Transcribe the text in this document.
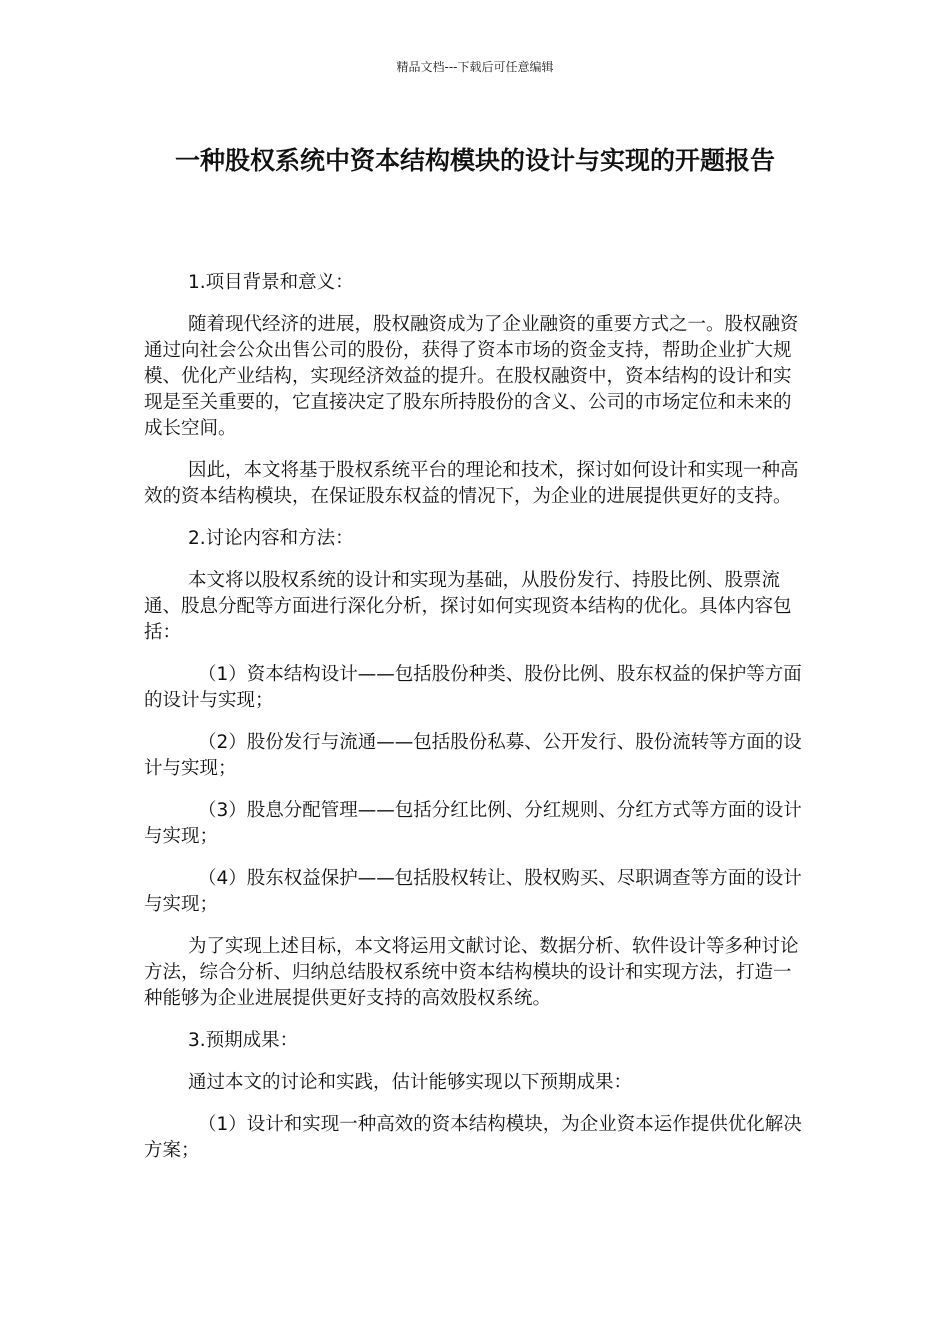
精品文档---下载后可任意编辑
一种股权系统中资本结构模块的设计与实现的开题报告

1.项目背景和意义：

随着现代经济的进展，股权融资成为了企业融资的重要方式之一。股权融资通过向社会公众出售公司的股份，获得了资本市场的资金支持，帮助企业扩大规模、优化产业结构，实现经济效益的提升。在股权融资中，资本结构的设计和实现是至关重要的，它直接决定了股东所持股份的含义、公司的市场定位和未来的成长空间。

因此，本文将基于股权系统平台的理论和技术，探讨如何设计和实现一种高效的资本结构模块，在保证股东权益的情况下，为企业的进展提供更好的支持。

2.讨论内容和方法：

本文将以股权系统的设计和实现为基础，从股份发行、持股比例、股票流通、股息分配等方面进行深化分析，探讨如何实现资本结构的优化。具体内容包括：

（1）资本结构设计——包括股份种类、股份比例、股东权益的保护等方面的设计与实现；

（2）股份发行与流通——包括股份私募、公开发行、股份流转等方面的设计与实现；

（3）股息分配管理——包括分红比例、分红规则、分红方式等方面的设计与实现；

（4）股东权益保护——包括股权转让、股权购买、尽职调查等方面的设计与实现；

为了实现上述目标，本文将运用文献讨论、数据分析、软件设计等多种讨论方法，综合分析、归纳总结股权系统中资本结构模块的设计和实现方法，打造一种能够为企业进展提供更好支持的高效股权系统。

3.预期成果：

通过本文的讨论和实践，估计能够实现以下预期成果：

（1）设计和实现一种高效的资本结构模块，为企业资本运作提供优化解决方案；
